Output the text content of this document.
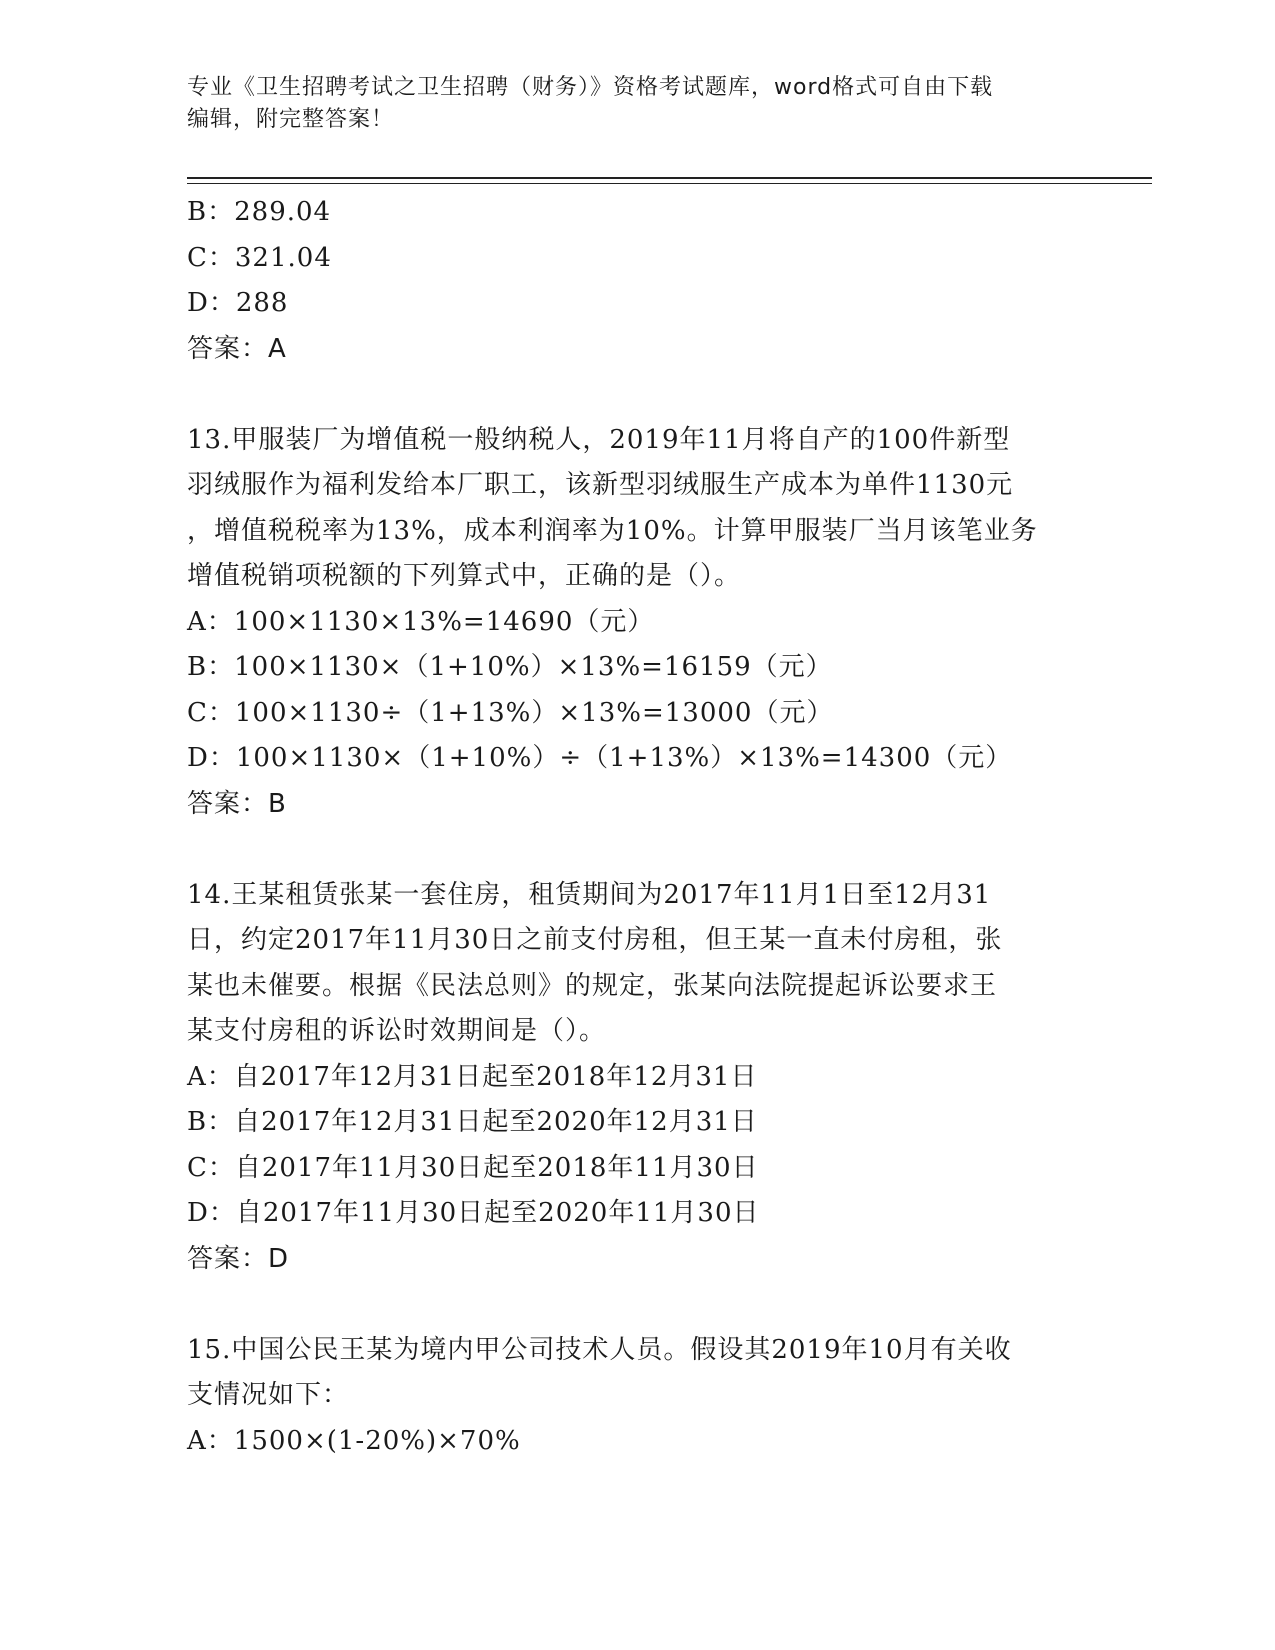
专业《卫生招聘考试之卫生招聘（财务）》资格考试题库，word格式可自由下载
编辑，附完整答案！

B：289.04

C：321.04

D：288

答案：A

13.甲服装厂为增值税一般纳税人，2019年11月将自产的100件新型

羽绒服作为福利发给本厂职工，该新型羽绒服生产成本为单件1130元

，增值税税率为13%，成本利润率为10%。计算甲服装厂当月该笔业务

增值税销项税额的下列算式中，正确的是（）。

A：100×1130×13%=14690（元）

B：100×1130×（1+10%）×13%=16159（元）

C：100×1130÷（1+13%）×13%=13000（元）

D：100×1130×（1+10%）÷（1+13%）×13%=14300（元）

答案：B

14.王某租赁张某一套住房，租赁期间为2017年11月1日至12月31

日，约定2017年11月30日之前支付房租，但王某一直未付房租，张

某也未催要。根据《民法总则》的规定，张某向法院提起诉讼要求王

某支付房租的诉讼时效期间是（）。

A：自2017年12月31日起至2018年12月31日

B：自2017年12月31日起至2020年12月31日

C：自2017年11月30日起至2018年11月30日

D：自2017年11月30日起至2020年11月30日

答案：D

15.中国公民王某为境内甲公司技术人员。假设其2019年10月有关收

支情况如下：

A：1500×(1-20%)×70%
